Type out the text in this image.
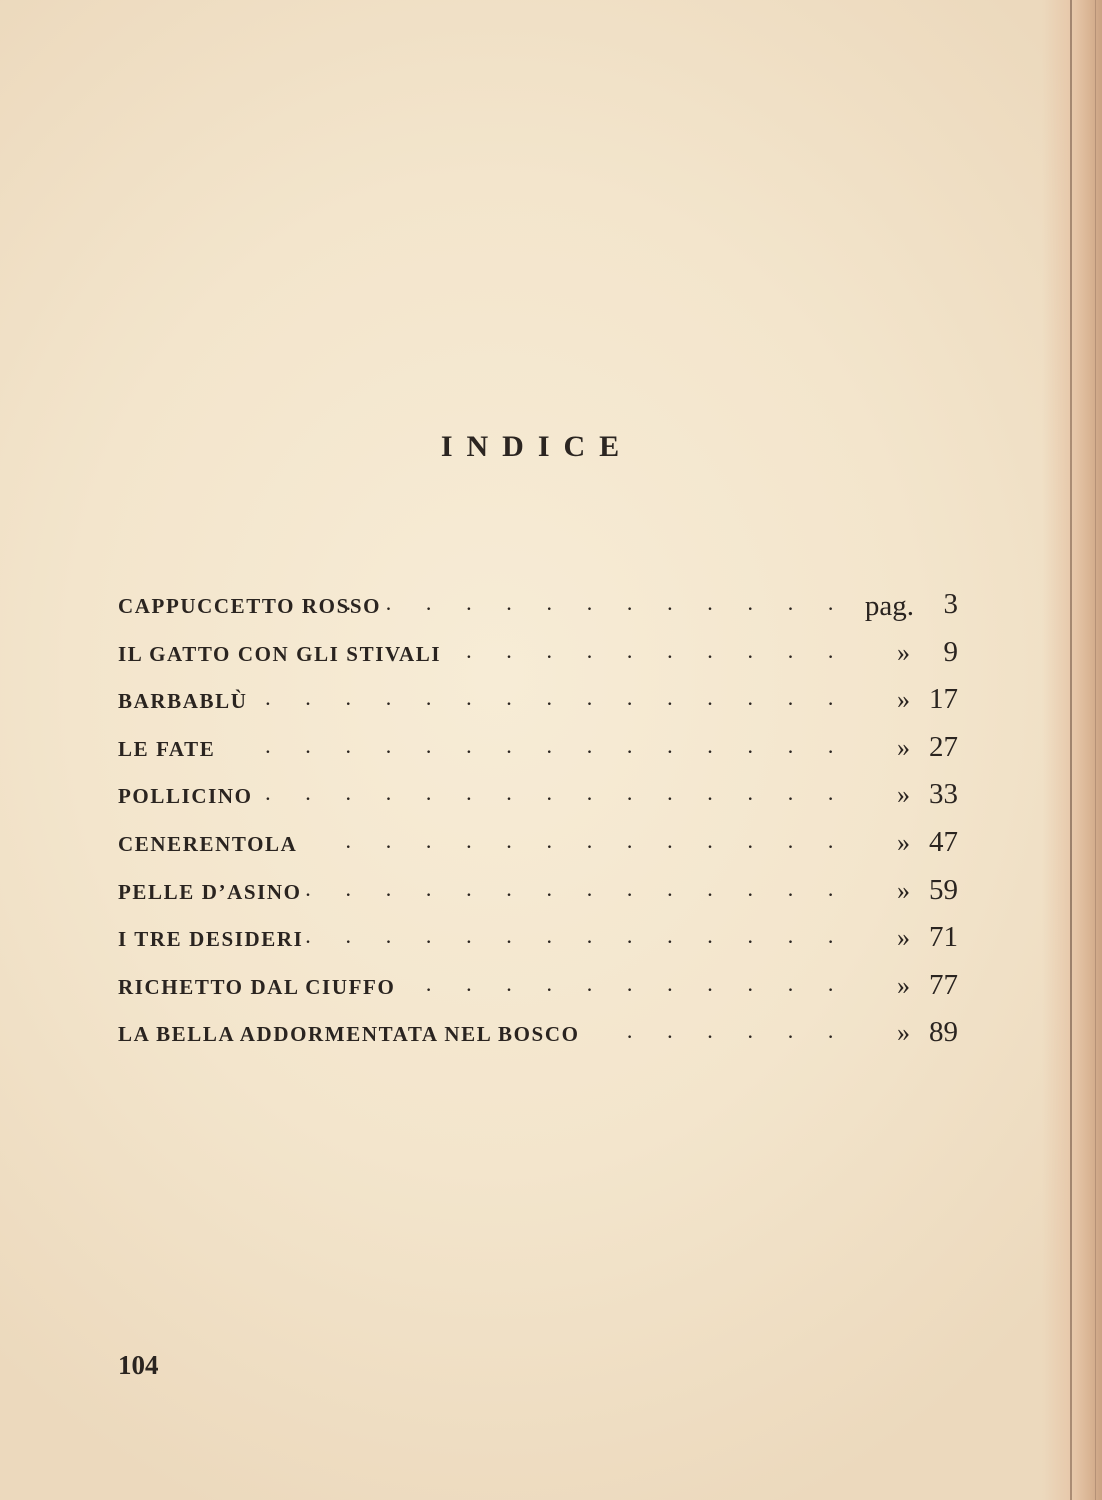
INDICE
CAPPUCCETTO ROSSO
. . . . . . . . . . . . . pag.	3
IL GATTO CON GLI STIVALI . . . . . . . . . . »	9
BARBABLÙ . . . . . . . . . . . . . . . » 17
LE FATE . . . . . . . . . . . . . . . » 27
POLLICINO . . . . . . . . . . . . . . . » 33
CENERENTOLA . . . . . . . . . . . . . » 47
PELLE D’ASINO . . . . . . . . . . . . . . » 59
I TRE DESIDERI . . . . . . . . . . . . . . » 71
RICHETTO DAL CIUFFO . . . . . . . . . . . » 77
LA BELLA ADDORMENTATA NEL BOSCO . . . . . . » 89
104
